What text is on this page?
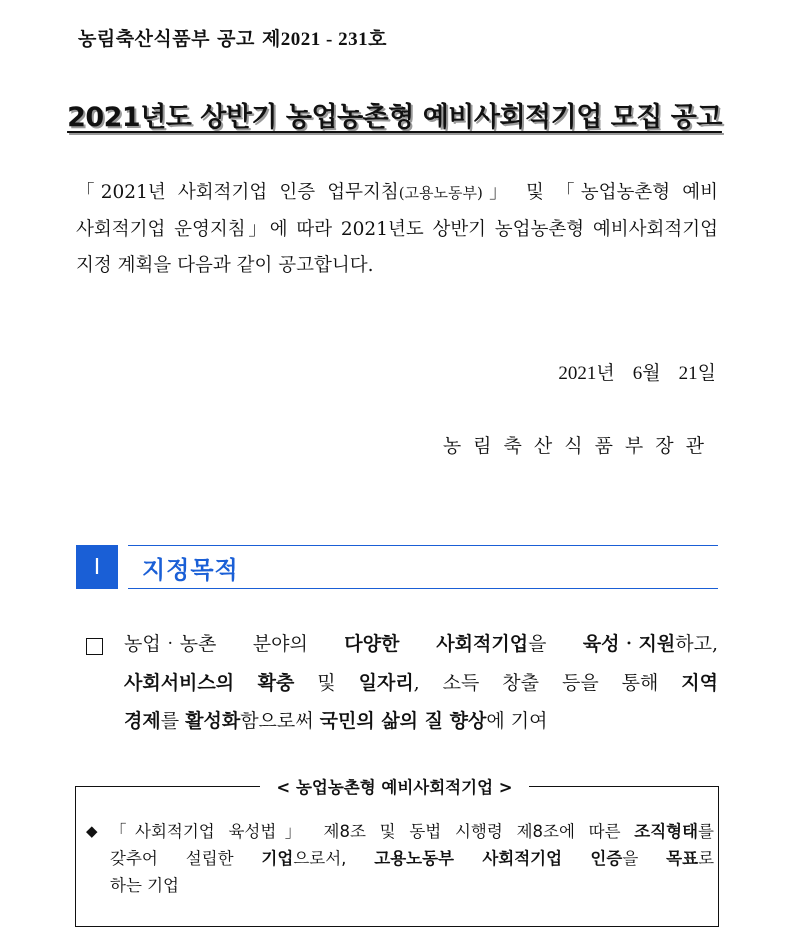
농림축산식품부 공고 제2021 - 231호
2021년도 상반기 농업농촌형 예비사회적기업 모집 공고

「2021년 사회적기업 인증 업무지침(고용노동부)」 및 「농업농촌형 예비

사회적기업 운영지침」에 따라 2021년도 상반기 농업농촌형 예비사회적기업

지정 계획을 다음과 같이 공고합니다.

2021년 6월 21일
농림축산식품부장관
Ⅰ	지정목적

농업‧농촌 분야의 다양한 사회적기업을 육성‧지원하고,

사회서비스의 확충 및 일자리, 소득 창출 등을 통해 지역

경제를 활성화함으로써 국민의 삶의 질 향상에 기여

< 농업농촌형 예비사회적기업 >
◆ 「사회적기업 육성법」 제8조 및 동법 시행령 제8조에 따른 조직형태를

갖추어 설립한 기업으로서, 고용노동부 사회적기업 인증을 목표로

하는 기업
